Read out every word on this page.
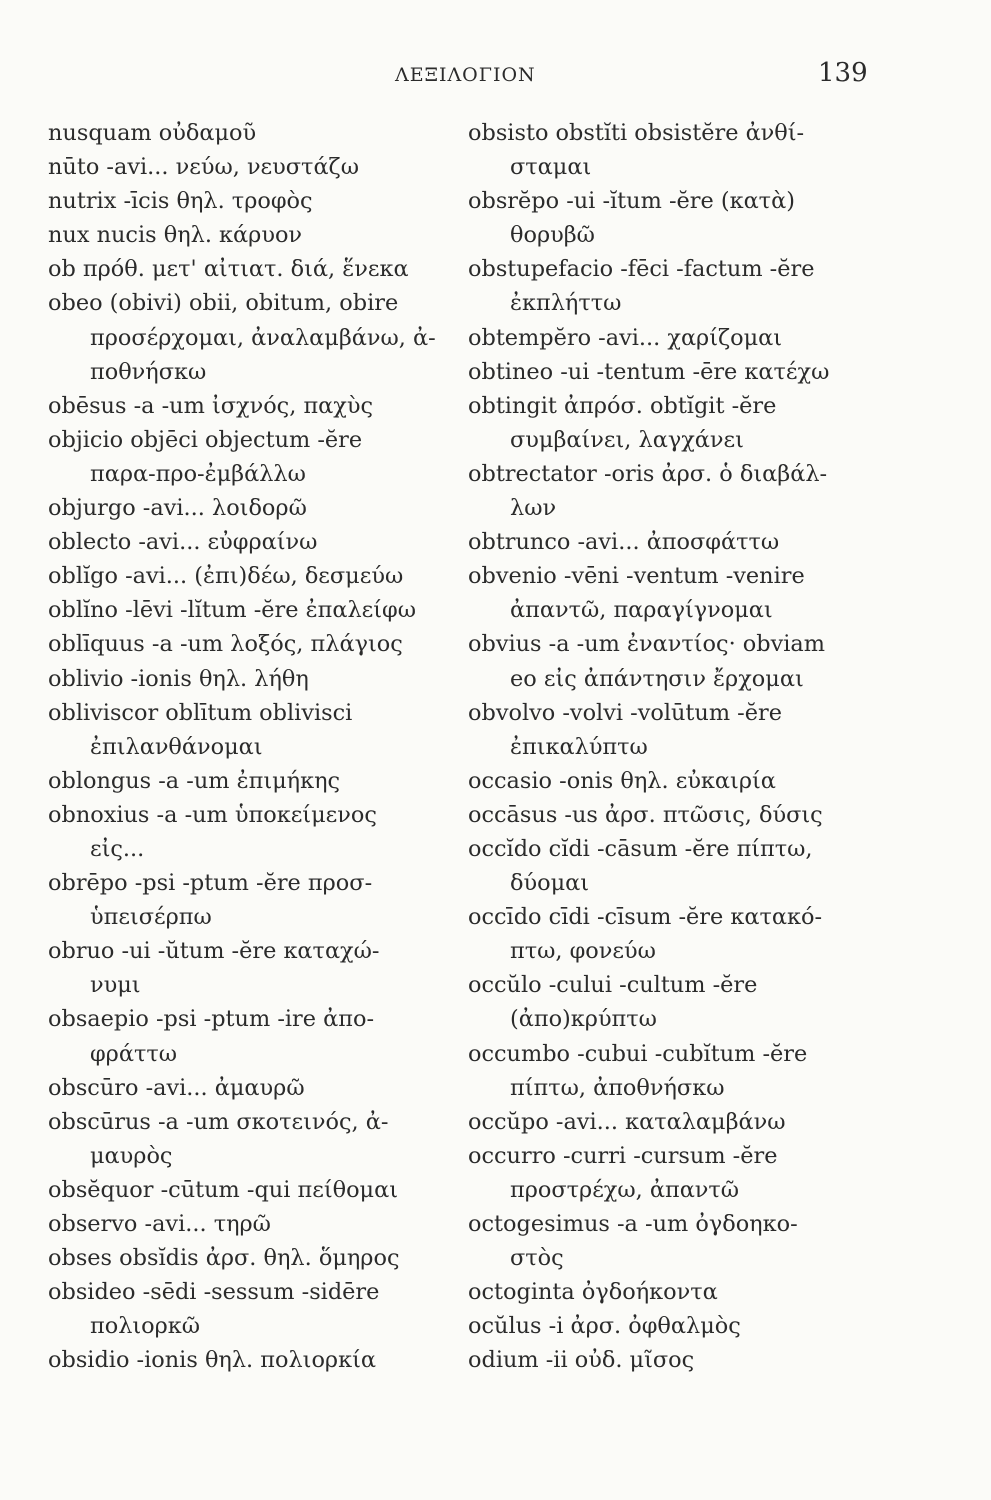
ΛΕΞΙΛΟΓΙΟΝ	139
nusquam οὐδαμοῦ
nūto -avi... νεύω, νευστάζω
nutrix -īcis θηλ. τροφὸς
nux nucis θηλ. κάρυον
ob πρόθ. μετ' αἰτιατ. διά, ἕνεκα
obeo (obivi) obii, obitum, obire
προσέρχομαι, ἀναλαμβάνω, ἀ-
ποθνήσκω
obēsus -a -um ἰσχνός, παχὺς
objicio objēci objectum -ĕre
παρα-προ-ἐμβάλλω
objurgo -avi... λοιδορῶ
oblecto -avi... εὐφραίνω
oblĭgo -avi... (ἐπι)δέω, δεσμεύω
oblĭno -lēvi -lĭtum -ĕre ἐπαλείφω
oblīquus -a -um λοξός, πλάγιος
oblivio -ionis θηλ. λήθη
obliviscor oblītum oblivisci
ἐπιλανθάνομαι
oblongus -a -um ἐπιμήκης
obnoxius -a -um ὑποκείμενος
εἰς...
obrēpo -psi -ptum -ĕre προσ-
ὑπεισέρπω
obruo -ui -ŭtum -ĕre καταχώ-
νυμι
obsaepio -psi -ptum -ire ἀπο-
φράττω
obscūro -avi... ἀμαυρῶ
obscūrus -a -um σκοτεινός, ἀ-
μαυρὸς
obsĕquor -cūtum -qui πείθομαι
observo -avi... τηρῶ
obses obsĭdis ἀρσ. θηλ. ὅμηρος
obsideo -sēdi -sessum -sidēre
πολιορκῶ
obsidio -ionis θηλ. πολιορκία
obsisto obstĭti obsistĕre ἀνθί-
σταμαι
obsrĕpo -ui -ĭtum -ĕre (κατὰ)
θορυβῶ
obstupefacio -fēci -factum -ĕre
ἐκπλήττω
obtempĕro -avi... χαρίζομαι
obtineo -ui -tentum -ēre κατέχω
obtingit ἀπρόσ. obtĭgit -ĕre
συμβαίνει, λαγχάνει
obtrectator -oris ἀρσ. ὁ διαβάλ-
λων
obtrunco -avi... ἀποσφάττω
obvenio -vēni -ventum -venire
ἀπαντῶ, παραγίγνομαι
obvius -a -um ἐναντίος· obviam
eo εἰς ἀπάντησιν ἔρχομαι
obvolvo -volvi -volūtum -ĕre
ἐπικαλύπτω
occasio -onis θηλ. εὐκαιρία
occāsus -us ἀρσ. πτῶσις, δύσις
occĭdo cĭdi -cāsum -ĕre πίπτω,
δύομαι
occīdo cīdi -cīsum -ĕre κατακό-
πτω, φονεύω
occŭlo -cului -cultum -ĕre
(ἀπο)κρύπτω
occumbo -cubui -cubĭtum -ĕre
πίπτω, ἀποθνήσκω
occŭpo -avi... καταλαμβάνω
occurro -curri -cursum -ĕre
προστρέχω, ἀπαντῶ
octogesimus -a -um ὀγδοηκο-
στὸς
octoginta ὀγδοήκοντα
ocŭlus -i ἀρσ. ὀφθαλμὸς
odium -ii οὐδ. μῖσος
